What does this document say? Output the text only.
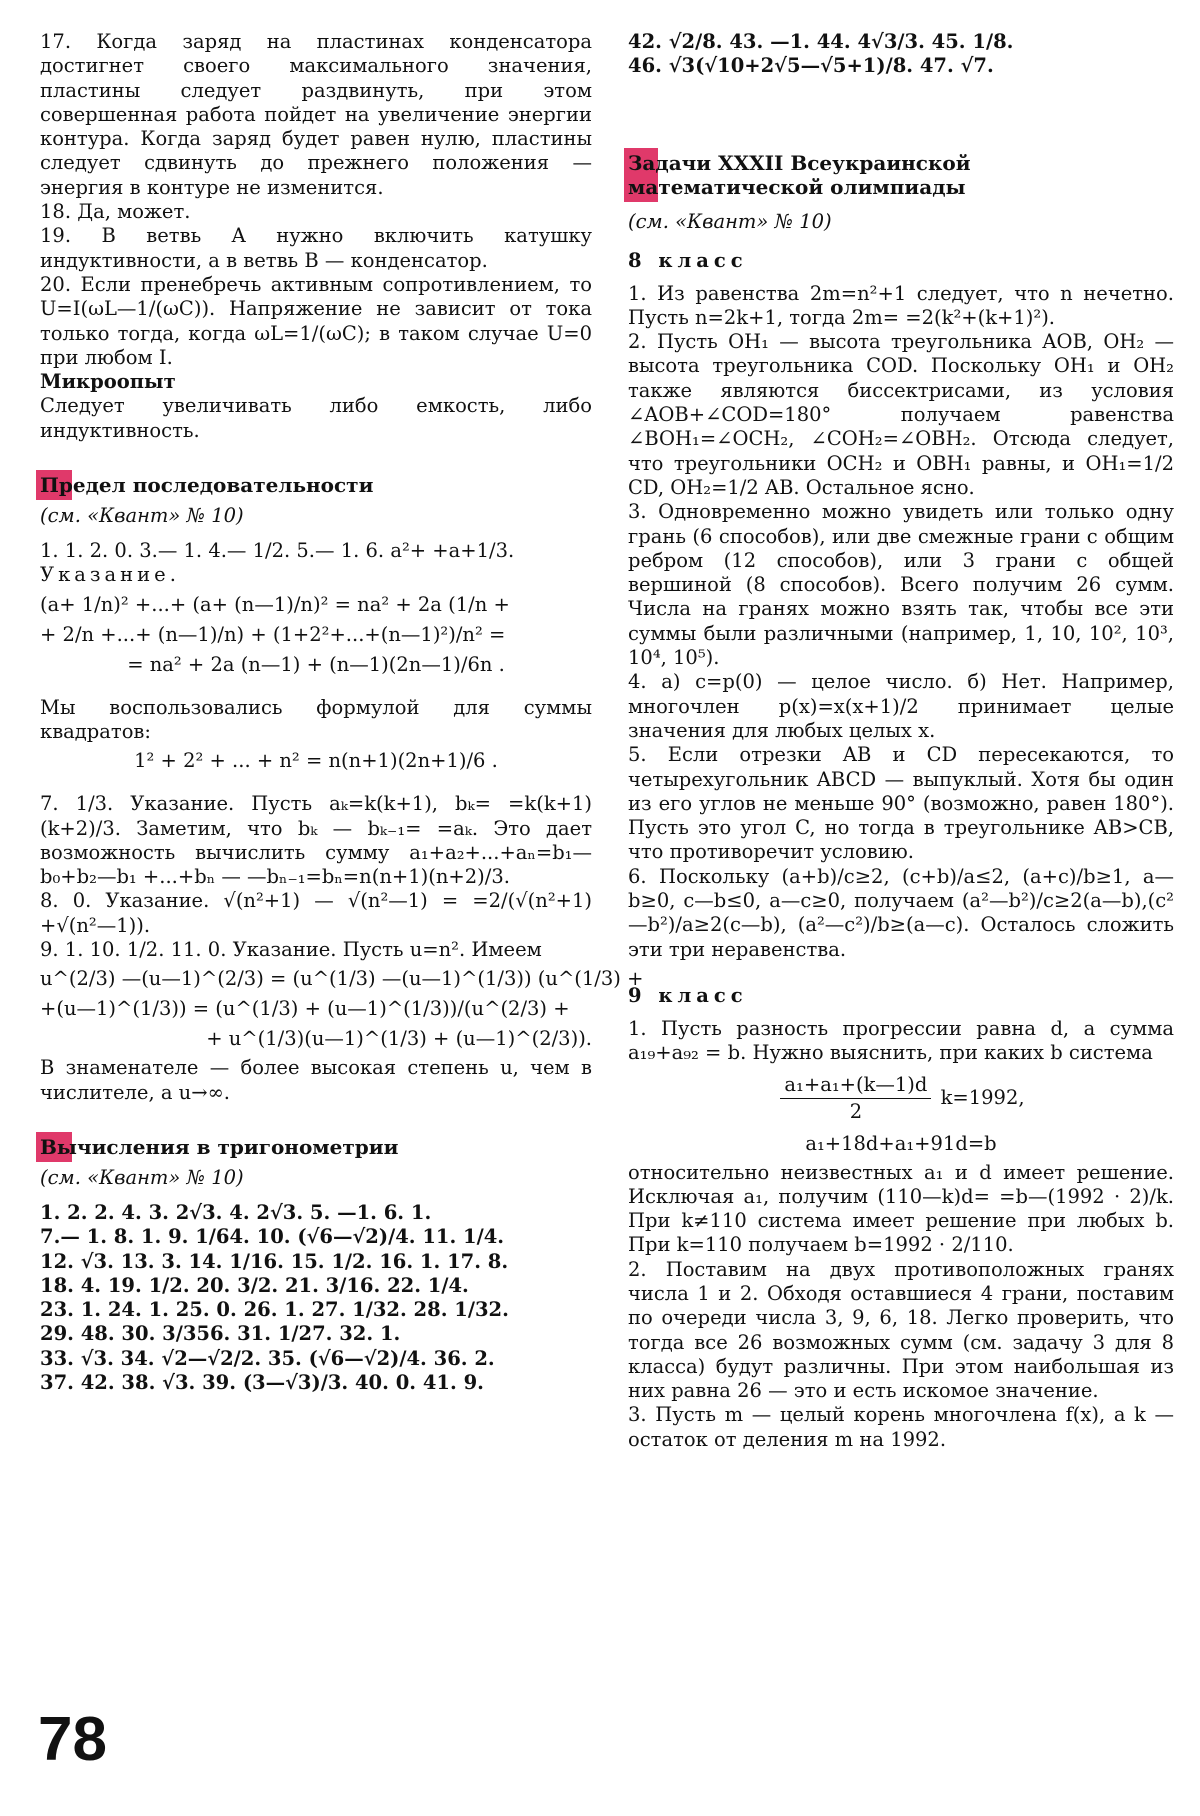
17. Когда заряд на пластинах конденсатора достигнет своего максимального значения, пластины следует раздвинуть, при этом совершенная работа пойдет на увеличение энергии контура. Когда заряд будет равен нулю, пластины следует сдвинуть до прежнего положения — энергия в контуре не изменится.

18. Да, может.

19. В ветвь A нужно включить катушку индуктивности, а в ветвь B — конденсатор.

20. Если пренебречь активным сопротивлением, то U=I(ωL—1/(ωC)). Напряжение не зависит от тока только тогда, когда ωL=1/(ωC); в таком случае U=0 при любом I.

Микроопыт

Следует увеличивать либо емкость, либо индуктивность.

Предел последовательности

(см. «Квант» № 10)

1. 1. 2. 0. 3.— 1. 4.— 1/2. 5.— 1. 6. a²+ +a+1/3.

Указание.

(a+ 1/n)² +...+ (a+ (n—1)/n)² = na² + 2a (1/n +

+ 2/n +...+ (n—1)/n) + (1+2²+...+(n—1)²)/n² =

= na² + 2a (n—1) + (n—1)(2n—1)/6n .

Мы воспользовались формулой для суммы квадратов:

1² + 2² + ... + n² = n(n+1)(2n+1)/6 .

7. 1/3. Указание. Пусть aₖ=k(k+1), bₖ= =k(k+1)(k+2)/3. Заметим, что bₖ — bₖ₋₁= =aₖ. Это дает возможность вычислить сумму a₁+a₂+...+aₙ=b₁—b₀+b₂—b₁ +...+bₙ — —bₙ₋₁=bₙ=n(n+1)(n+2)/3.

8. 0. Указание. √(n²+1) — √(n²—1) = =2/(√(n²+1) +√(n²—1)).

9. 1. 10. 1/2. 11. 0. Указание. Пусть u=n². Имеем

u^(2/3) —(u—1)^(2/3) = (u^(1/3) —(u—1)^(1/3)) (u^(1/3) +

+(u—1)^(1/3)) = (u^(1/3) + (u—1)^(1/3))/(u^(2/3) +

+ u^(1/3)(u—1)^(1/3) + (u—1)^(2/3)).

В знаменателе — более высокая степень u, чем в числителе, а u→∞.

Вычисления в тригонометрии

(см. «Квант» № 10)

1. 2. 2. 4. 3. 2√3. 4. 2√3. 5. —1. 6. 1.

7.— 1. 8. 1. 9. 1/64. 10. (√6—√2)/4. 11. 1/4.

12. √3. 13. 3. 14. 1/16. 15. 1/2. 16. 1. 17. 8.

18. 4. 19. 1/2. 20. 3/2. 21. 3/16. 22. 1/4.

23. 1. 24. 1. 25. 0. 26. 1. 27. 1/32. 28. 1/32.

29. 48. 30. 3/356. 31. 1/27. 32. 1.

33. √3. 34. √2—√2/2. 35. (√6—√2)/4. 36. 2.

37. 42. 38. √3. 39. (3—√3)/3. 40. 0. 41. 9.

42. √2/8. 43. —1. 44. 4√3/3. 45. 1/8.

46. √3(√10+2√5—√5+1)/8. 47. √7.

Задачи XXXII Всеукраинской
математической олимпиады

(см. «Квант» № 10)

8 класс

1. Из равенства 2m=n²+1 следует, что n нечетно. Пусть n=2k+1, тогда 2m= =2(k²+(k+1)²).

2. Пусть OH₁ — высота треугольника AOB, OH₂ — высота треугольника COD. Поскольку OH₁ и OH₂ также являются биссектрисами, из условия ∠AOB+∠COD=180° получаем равенства ∠BOH₁=∠OCH₂, ∠COH₂=∠OBH₂. Отсюда следует, что треугольники OCH₂ и OBH₁ равны, и OH₁=1/2 CD, OH₂=1/2 AB. Остальное ясно.

3. Одновременно можно увидеть или только одну грань (6 способов), или две смежные грани с общим ребром (12 способов), или 3 грани с общей вершиной (8 способов). Всего получим 26 сумм. Числа на гранях можно взять так, чтобы все эти суммы были различными (например, 1, 10, 10², 10³, 10⁴, 10⁵).

4. а) c=p(0) — целое число. б) Нет. Например, многочлен p(x)=x(x+1)/2 принимает целые значения для любых целых x.

5. Если отрезки AB и CD пересекаются, то четырехугольник ABCD — выпуклый. Хотя бы один из его углов не меньше 90° (возможно, равен 180°). Пусть это угол C, но тогда в треугольнике AB>CB, что противоречит условию.

6. Поскольку (a+b)/c≥2, (c+b)/a≤2, (a+c)/b≥1, a—b≥0, c—b≤0, a—c≥0, получаем (a²—b²)/c≥2(a—b),(c²—b²)/a≥2(c—b), (a²—c²)/b≥(a—c). Осталось сложить эти три неравенства.

9 класс

1. Пусть разность прогрессии равна d, а сумма a₁₉+a₉₂ = b. Нужно выяснить, при каких b система

$\frac{\text{a₁+a₁+(k—1)d}}{2} k=1992$,

a₁+18d+a₁+91d=b

относительно неизвестных a₁ и d имеет решение. Исключая a₁, получим (110—k)d= =b—(1992 · 2)/k. При k≠110 система имеет решение при любых b. При k=110 получаем b=1992 · 2/110.

2. Поставим на двух противоположных гранях числа 1 и 2. Обходя оставшиеся 4 грани, поставим по очереди числа 3, 9, 6, 18. Легко проверить, что тогда все 26 возможных сумм (см. задачу 3 для 8 класса) будут различны. При этом наибольшая из них равна 26 — это и есть искомое значение.

3. Пусть m — целый корень многочлена f(x), а k — остаток от деления m на 1992.

78
